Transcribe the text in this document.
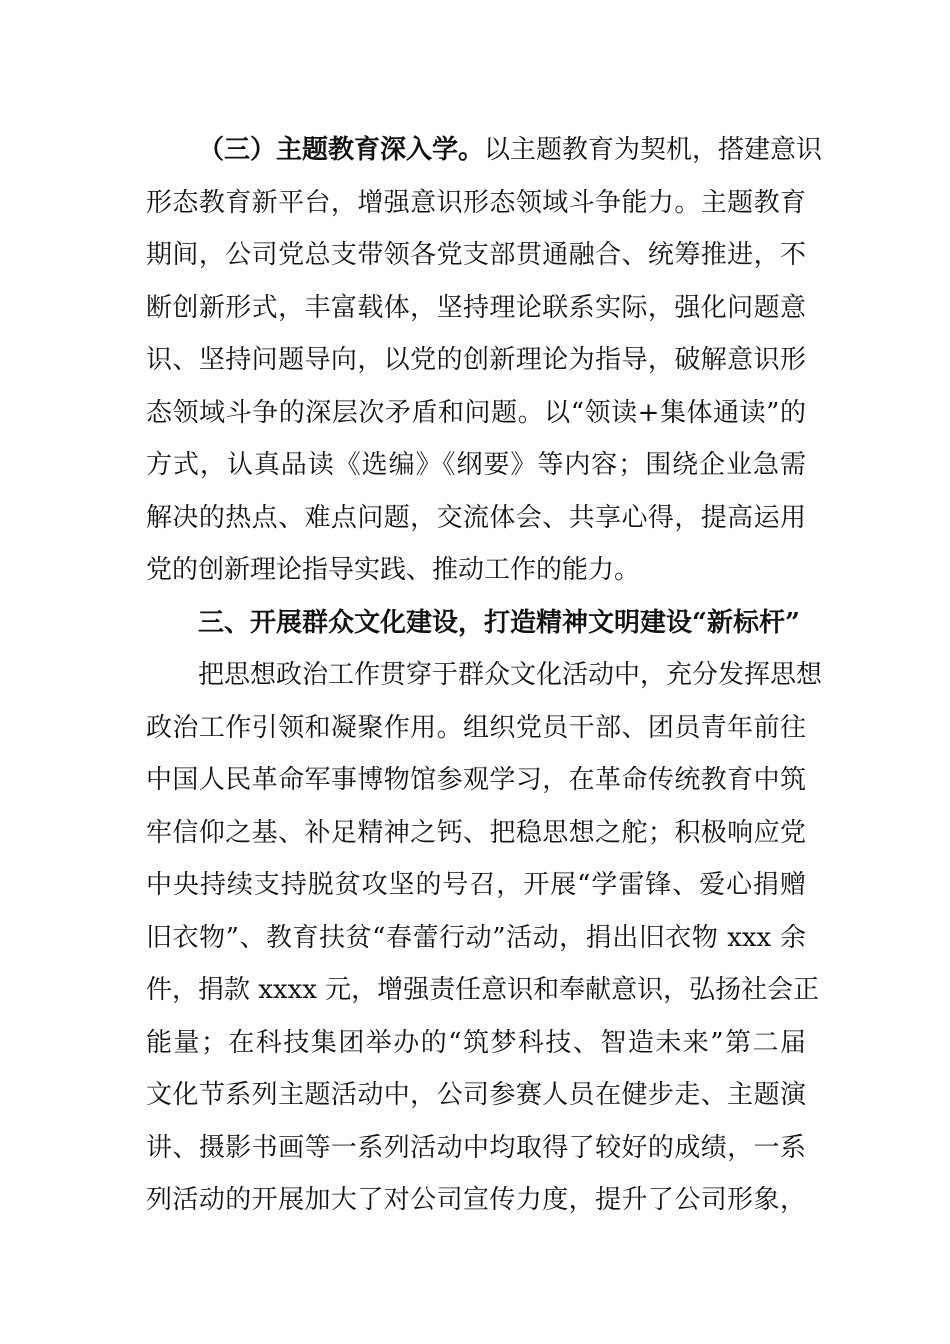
（三）主题教育深入学。以主题教育为契机，搭建意识
形态教育新平台，增强意识形态领域斗争能力。主题教育
期间，公司党总支带领各党支部贯通融合、统筹推进，不
断创新形式，丰富载体，坚持理论联系实际，强化问题意
识、坚持问题导向，以党的创新理论为指导，破解意识形
态领域斗争的深层次矛盾和问题。以“领读+集体通读”的
方式，认真品读《选编》《纲要》等内容；围绕企业急需
解决的热点、难点问题，交流体会、共享心得，提高运用
党的创新理论指导实践、推动工作的能力。
三、开展群众文化建设，打造精神文明建设“新标杆”
把思想政治工作贯穿于群众文化活动中，充分发挥思想
政治工作引领和凝聚作用。组织党员干部、团员青年前往
中国人民革命军事博物馆参观学习，在革命传统教育中筑
牢信仰之基、补足精神之钙、把稳思想之舵；积极响应党
中央持续支持脱贫攻坚的号召，开展“学雷锋、爱心捐赠
旧衣物”、教育扶贫“春蕾行动”活动，捐出旧衣物 xxx 余
件，捐款 xxxx 元，增强责任意识和奉献意识，弘扬社会正
能量；在科技集团举办的“筑梦科技、智造未来”第二届
文化节系列主题活动中，公司参赛人员在健步走、主题演
讲、摄影书画等一系列活动中均取得了较好的成绩，一系
列活动的开展加大了对公司宣传力度，提升了公司形象，
